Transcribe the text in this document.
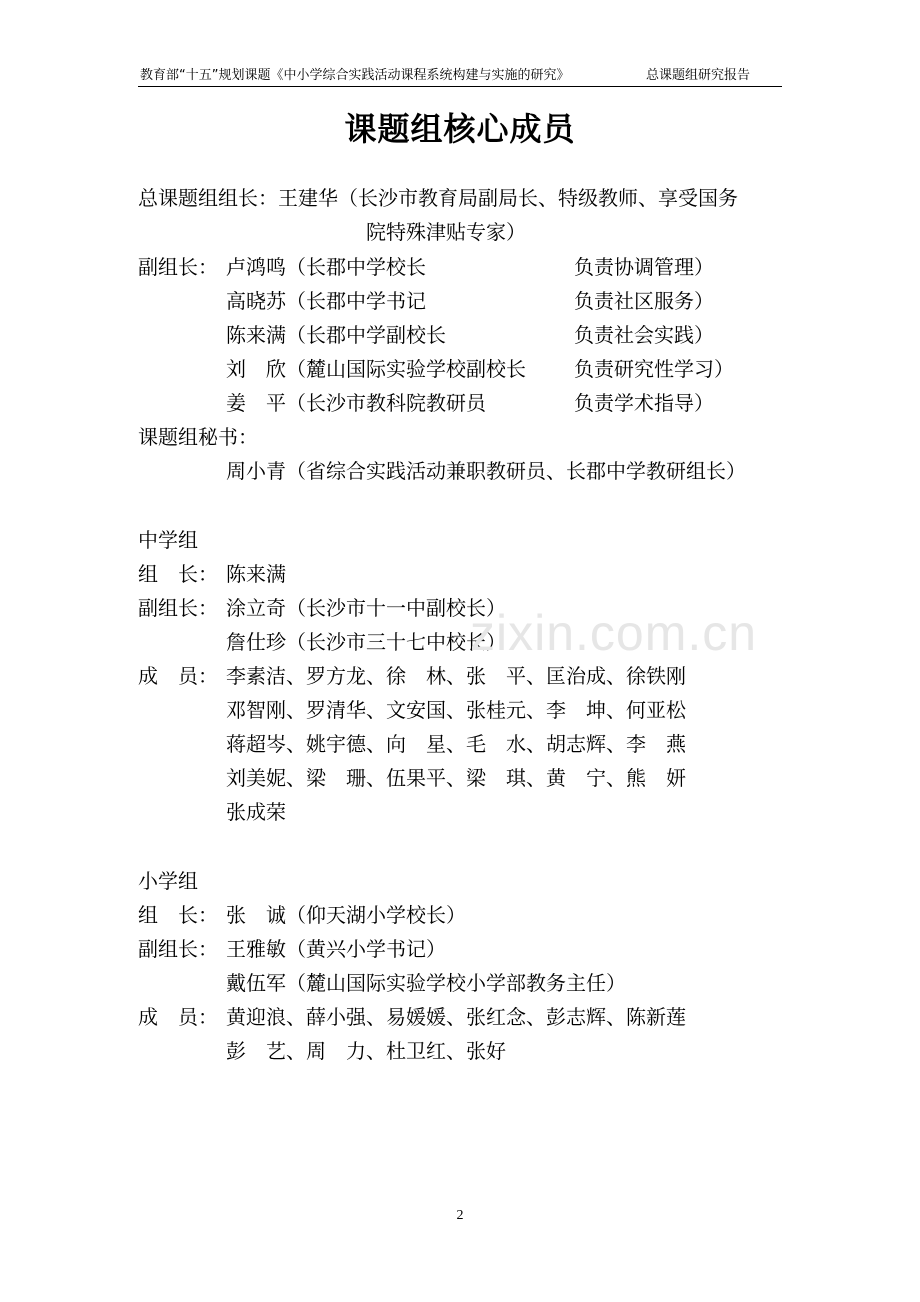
教育部“十五”规划课题《中小学综合实践活动课程系统构建与实施的研究》	总课题组研究报告
课题组核心成员
总课题组组长：王建华（长沙市教育局副局长、特级教师、享受国务
院特殊津贴专家）
副组长： 卢鸿鸣（长郡中学校长	负责协调管理）
高晓苏（长郡中学书记	负责社区服务）
陈来满（长郡中学副校长	负责社会实践）
刘　欣（麓山国际实验学校副校长 负责研究性学习）
姜　平（长沙市教科院教研员	负责学术指导）
课题组秘书：
周小青（省综合实践活动兼职教研员、长郡中学教研组长）
中学组
组　长： 陈来满
副组长： 涂立奇（长沙市十一中副校长）
詹仕珍（长沙市三十七中校长）
成　员： 李素洁、罗方龙、徐　林、张　平、匡治成、徐铁刚
邓智刚、罗清华、文安国、张桂元、李　坤、何亚松
蒋超岑、姚宇德、向　星、毛　水、胡志辉、李　燕
刘美妮、梁　珊、伍果平、梁　琪、黄　宁、熊　妍
张成荣
小学组
组　长： 张　诚（仰天湖小学校长）
副组长： 王雅敏（黄兴小学书记）
戴伍军（麓山国际实验学校小学部教务主任）
成　员： 黄迎浪、薛小强、易媛媛、张红念、彭志辉、陈新莲
彭　艺、周　力、杜卫红、张好
zixin.com.cn
2
